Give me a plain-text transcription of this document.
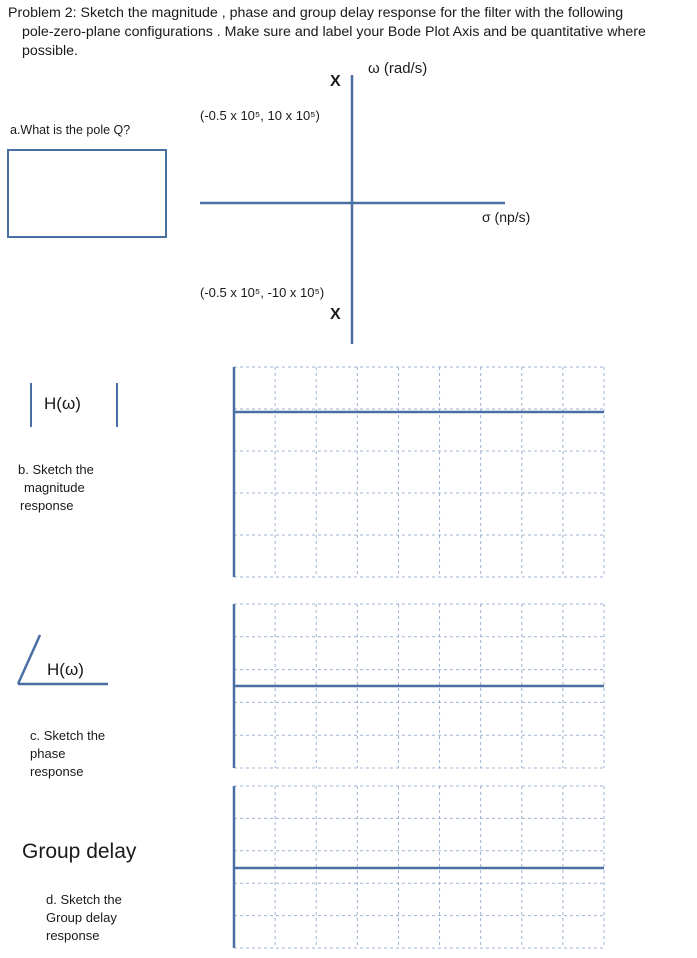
Problem 2: Sketch the magnitude , phase and group delay response for the filter with the following
pole-zero-plane configurations . Make sure and label your Bode Plot Axis and be quantitative where
possible.
ω (rad/s)
X
(-0.5 x 10⁵, 10 x 10⁵)
(-0.5 x 10⁵, -10 x 10⁵)
X
σ (np/s)
a.What is the pole Q?
H(ω)
b. Sketch the
magnitude
response
H(ω)
c. Sketch the
phase
response
Group delay
d. Sketch the
Group delay
response
